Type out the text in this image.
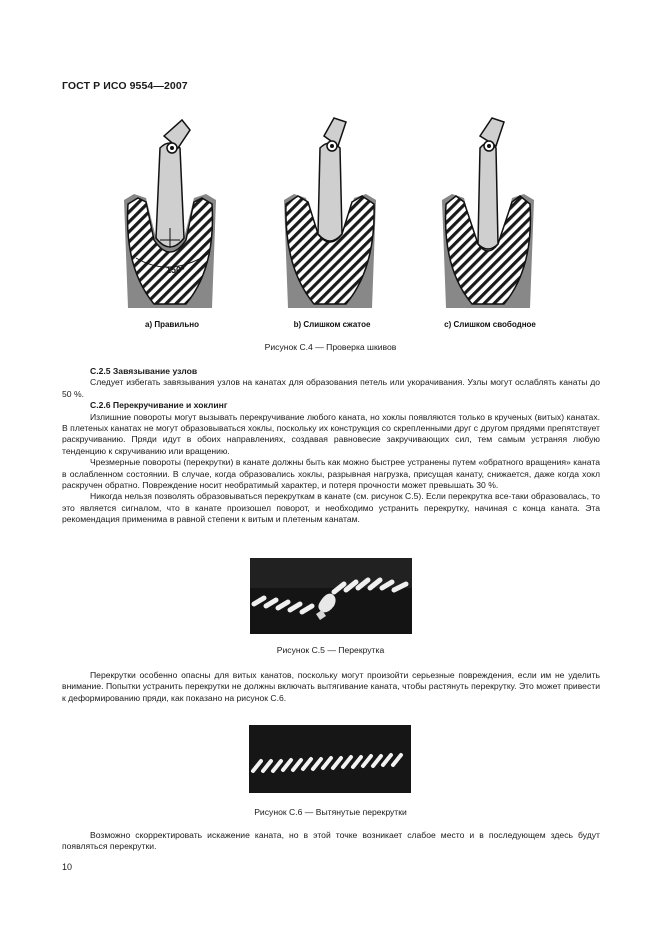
ГОСТ Р ИСО 9554—2007
150°
a) Правильно	b) Слишком сжатое	c) Слишком свободное
Рисунок С.4 — Проверка шкивов

С.2.5 Завязывание узлов

Следует избегать завязывания узлов на канатах для образования петель или укорачивания. Узлы могут ослаблять канаты до 50 %.

С.2.6 Перекручивание и хоклинг

Излишние повороты могут вызывать перекручивание любого каната, но хоклы появляются только в крученых (витых) канатах. В плетеных канатах не могут образовываться хоклы, поскольку их конструкция со скрепленными друг с другом прядями препятствует раскручиванию. Пряди идут в обоих направлениях, создавая равновесие закручивающих сил, тем самым устраняя любую тенденцию к скручиванию или вращению.

Чрезмерные повороты (перекрутки) в канате должны быть как можно быстрее устранены путем «обратного вращения» каната в ослабленном состоянии. В случае, когда образовались хоклы, разрывная нагрузка, присущая канату, снижается, даже когда хокл раскручен обратно. Повреждение носит необратимый характер, и потеря прочности может превышать 30 %.

Никогда нельзя позволять образовываться перекруткам в канате (см. рисунок С.5). Если перекрутка все-таки образовалась, то это является сигналом, что в канате произошел поворот, и необходимо устранить перекрутку, начиная с конца каната. Эта рекомендация применима в равной степени к витым и плетеным канатам.

Рисунок С.5 — Перекрутка

Перекрутки особенно опасны для витых канатов, поскольку могут произойти серьезные повреждения, если им не уделить внимание. Попытки устранить перекрутки не должны включать вытягивание каната, чтобы растянуть перекрутку. Это может привести к деформированию пряди, как показано на рисунок С.6.

Рисунок С.6 — Вытянутые перекрутки

Возможно скорректировать искажение каната, но в этой точке возникает слабое место и в последующем здесь будут появляться перекрутки.

10
